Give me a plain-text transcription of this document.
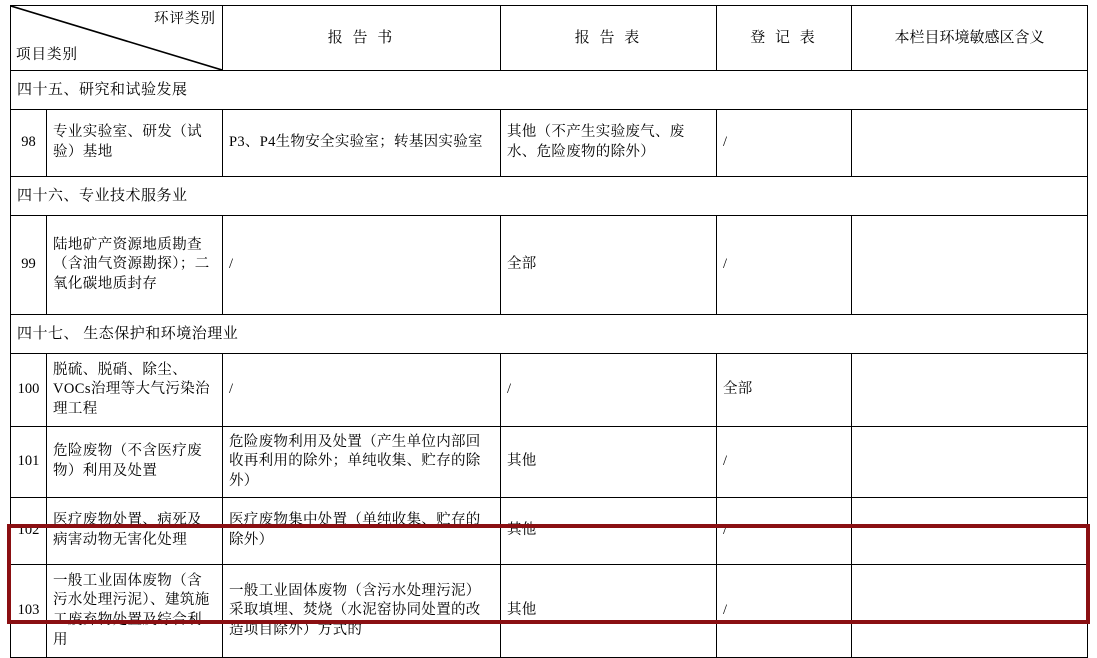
环评类别
项目类别		报 告 书	报 告 表	登 记 表	本栏目环境敏感区含义
四十五、研究和试验发展					
98	专业实验室、研发（试验）基地	P3、P4生物安全实验室；转基因实验室	其他（不产生实验废气、废水、危险废物的除外）	/	
四十六、专业技术服务业					
99	陆地矿产资源地质勘查（含油气资源勘探）；二氧化碳地质封存	/	全部	/	
四十七、 生态保护和环境治理业					
100	脱硫、脱硝、除尘、VOCs治理等大气污染治理工程	/	/	全部	
101	危险废物（不含医疗废物）利用及处置	危险废物利用及处置（产生单位内部回收再利用的除外；单纯收集、贮存的除外）	其他	/	
102	医疗废物处置、病死及病害动物无害化处理	医疗废物集中处置（单纯收集、贮存的除外）	其他	/	
103	一般工业固体废物（含污水处理污泥）、建筑施工废弃物处置及综合利用	一般工业固体废物（含污水处理污泥）采取填埋、焚烧（水泥窑协同处置的改造项目除外）方式的	其他	/	
